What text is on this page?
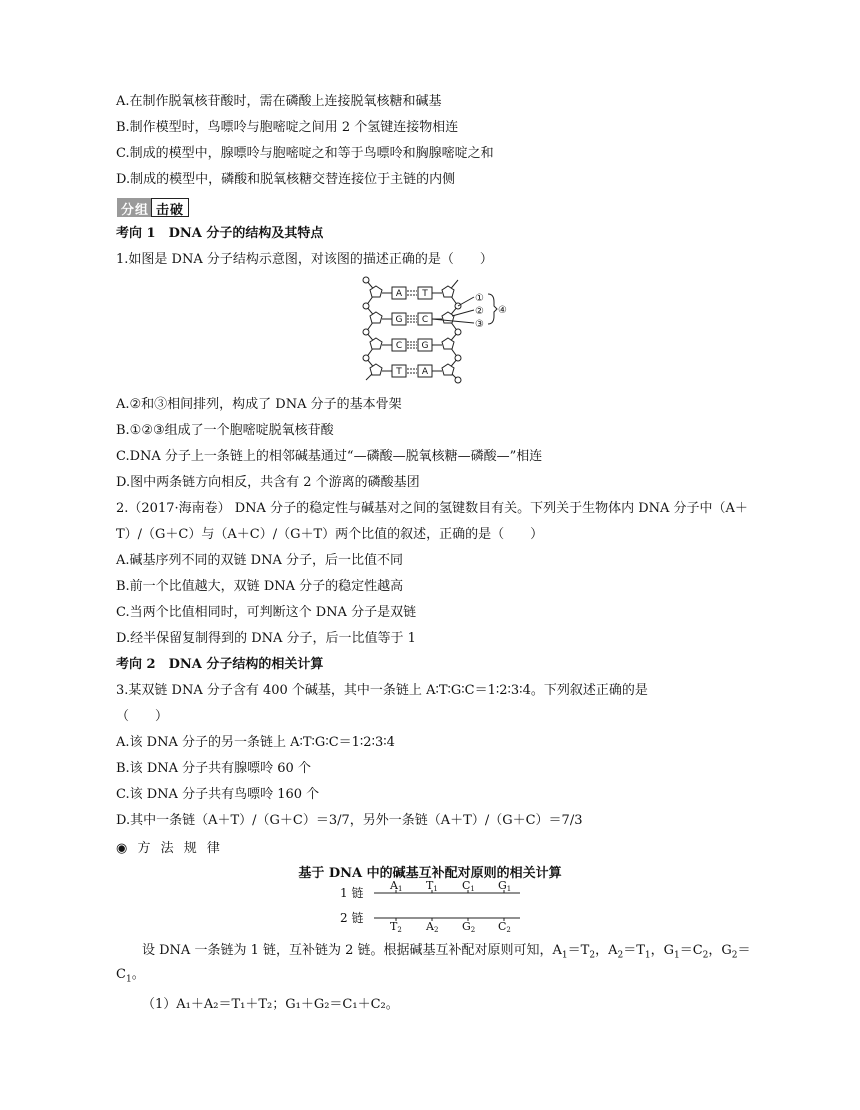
A.在制作脱氧核苷酸时，需在磷酸上连接脱氧核糖和碱基
B.制作模型时，鸟嘌呤与胞嘧啶之间用 2 个氢键连接物相连
C.制成的模型中，腺嘌呤与胞嘧啶之和等于鸟嘌呤和胸腺嘧啶之和
D.制成的模型中，磷酸和脱氧核糖交替连接位于主链的内侧
分组 击破
考向 1　DNA 分子的结构及其特点
1.如图是 DNA 分子结构示意图，对该图的描述正确的是（　　）
A T
G C
C G
T A
①
②
③
④
A.②和③相间排列，构成了 DNA 分子的基本骨架
B.①②③组成了一个胞嘧啶脱氧核苷酸
C.DNA 分子上一条链上的相邻碱基通过“—磷酸—脱氧核糖—磷酸—”相连
D.图中两条链方向相反，共含有 2 个游离的磷酸基团
2.（2017·海南卷） DNA 分子的稳定性与碱基对之间的氢键数目有关。下列关于生物体内 DNA 分子中（A＋
T）/（G＋C）与（A＋C）/（G＋T）两个比值的叙述，正确的是（　　）
A.碱基序列不同的双链 DNA 分子，后一比值不同
B.前一个比值越大，双链 DNA 分子的稳定性越高
C.当两个比值相同时，可判断这个 DNA 分子是双链
D.经半保留复制得到的 DNA 分子，后一比值等于 1
考向 2　DNA 分子结构的相关计算
3.某双链 DNA 分子含有 400 个碱基，其中一条链上 A∶T∶G∶C＝1∶2∶3∶4。下列叙述正确的是
（　　）
A.该 DNA 分子的另一条链上 A∶T∶G∶C＝1∶2∶3∶4
B.该 DNA 分子共有腺嘌呤 60 个
C.该 DNA 分子共有鸟嘌呤 160 个
D.其中一条链（A＋T）/（G＋C）＝3/7，另外一条链（A＋T）/（G＋C）＝7/3
◉ 方 法 规 律
基于 DNA 中的碱基互补配对原则的相关计算
1 链
2 链
A1 T1 C1 G1
T2 A2 G2 C2
设 DNA 一条链为 1 链，互补链为 2 链。根据碱基互补配对原则可知，$A_1=T_2$，$A_2=T_1$，$G_1=C_2$，$G_2=$
$C_1$。
（1）A₁＋A₂＝T₁＋T₂；G₁＋G₂＝C₁＋C₂。
